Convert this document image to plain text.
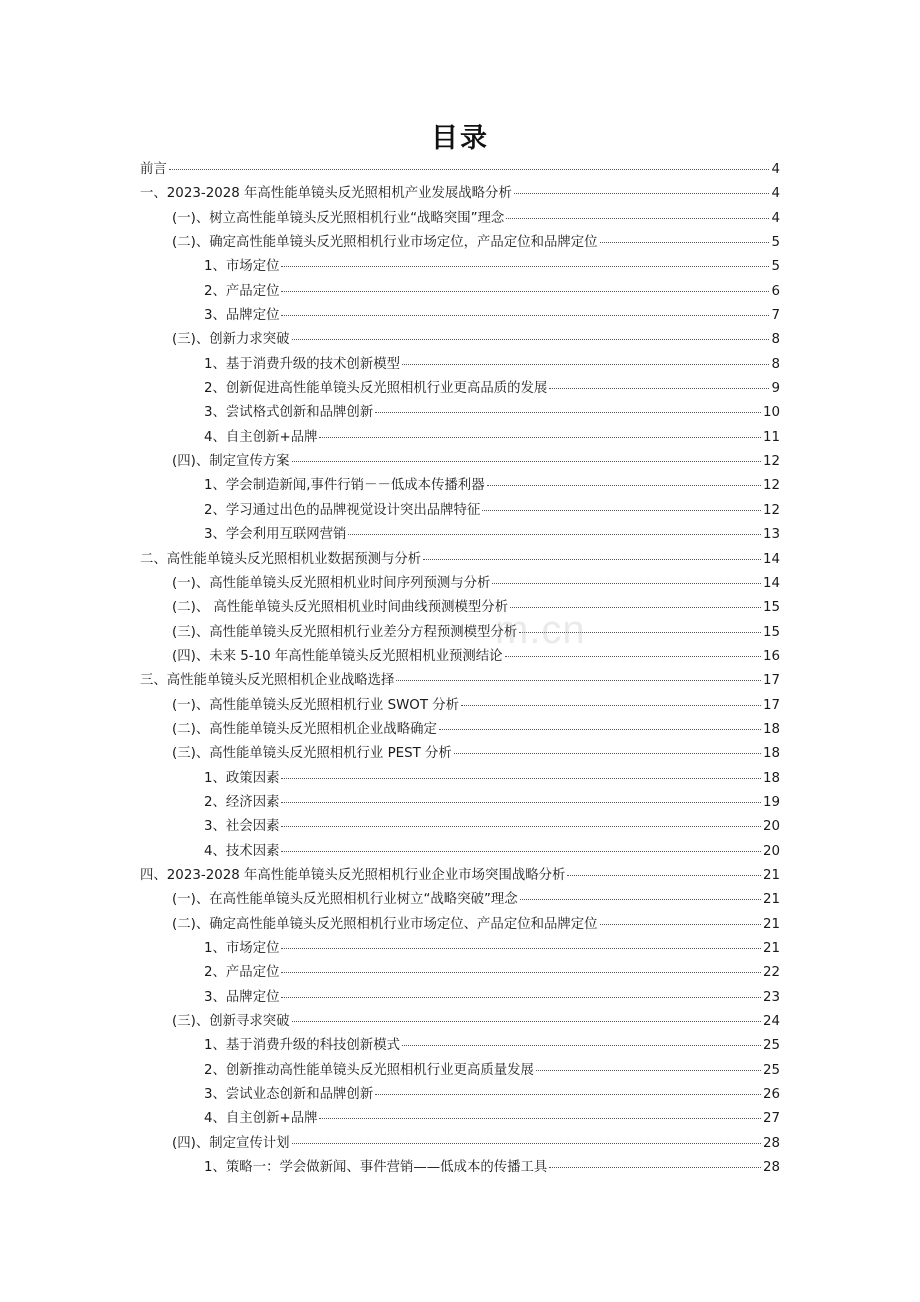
目录
前言	4
一、2023-2028 年高性能单镜头反光照相机产业发展战略分析	4
(一)、树立高性能单镜头反光照相机行业“战略突围”理念	4
(二)、确定高性能单镜头反光照相机行业市场定位，产品定位和品牌定位	5
1、市场定位	5
2、产品定位	6
3、品牌定位	7
(三)、创新力求突破	8
1、基于消费升级的技术创新模型	8
2、创新促进高性能单镜头反光照相机行业更高品质的发展	9
3、尝试格式创新和品牌创新	10
4、自主创新+品牌	11
(四)、制定宣传方案	12
1、学会制造新闻,事件行销－－低成本传播利器	12
2、学习通过出色的品牌视觉设计突出品牌特征	12
3、学会利用互联网营销	13
二、高性能单镜头反光照相机业数据预测与分析	14
(一)、高性能单镜头反光照相机业时间序列预测与分析	14
(二)、 高性能单镜头反光照相机业时间曲线预测模型分析	15
(三)、高性能单镜头反光照相机行业差分方程预测模型分析	15
(四)、未来 5-10 年高性能单镜头反光照相机业预测结论	16
三、高性能单镜头反光照相机企业战略选择	17
(一)、高性能单镜头反光照相机行业 SWOT 分析	17
(二)、高性能单镜头反光照相机企业战略确定	18
(三)、高性能单镜头反光照相机行业 PEST 分析	18
1、政策因素	18
2、经济因素	19
3、社会因素	20
4、技术因素	20
四、2023-2028 年高性能单镜头反光照相机行业企业市场突围战略分析	21
(一)、在高性能单镜头反光照相机行业树立“战略突破”理念	21
(二)、确定高性能单镜头反光照相机行业市场定位、产品定位和品牌定位	21
1、市场定位	21
2、产品定位	22
3、品牌定位	23
(三)、创新寻求突破	24
1、基于消费升级的科技创新模式	25
2、创新推动高性能单镜头反光照相机行业更高质量发展	25
3、尝试业态创新和品牌创新	26
4、自主创新+品牌	27
(四)、制定宣传计划	28
1、策略一：学会做新闻、事件营销——低成本的传播工具	28
m.cn
